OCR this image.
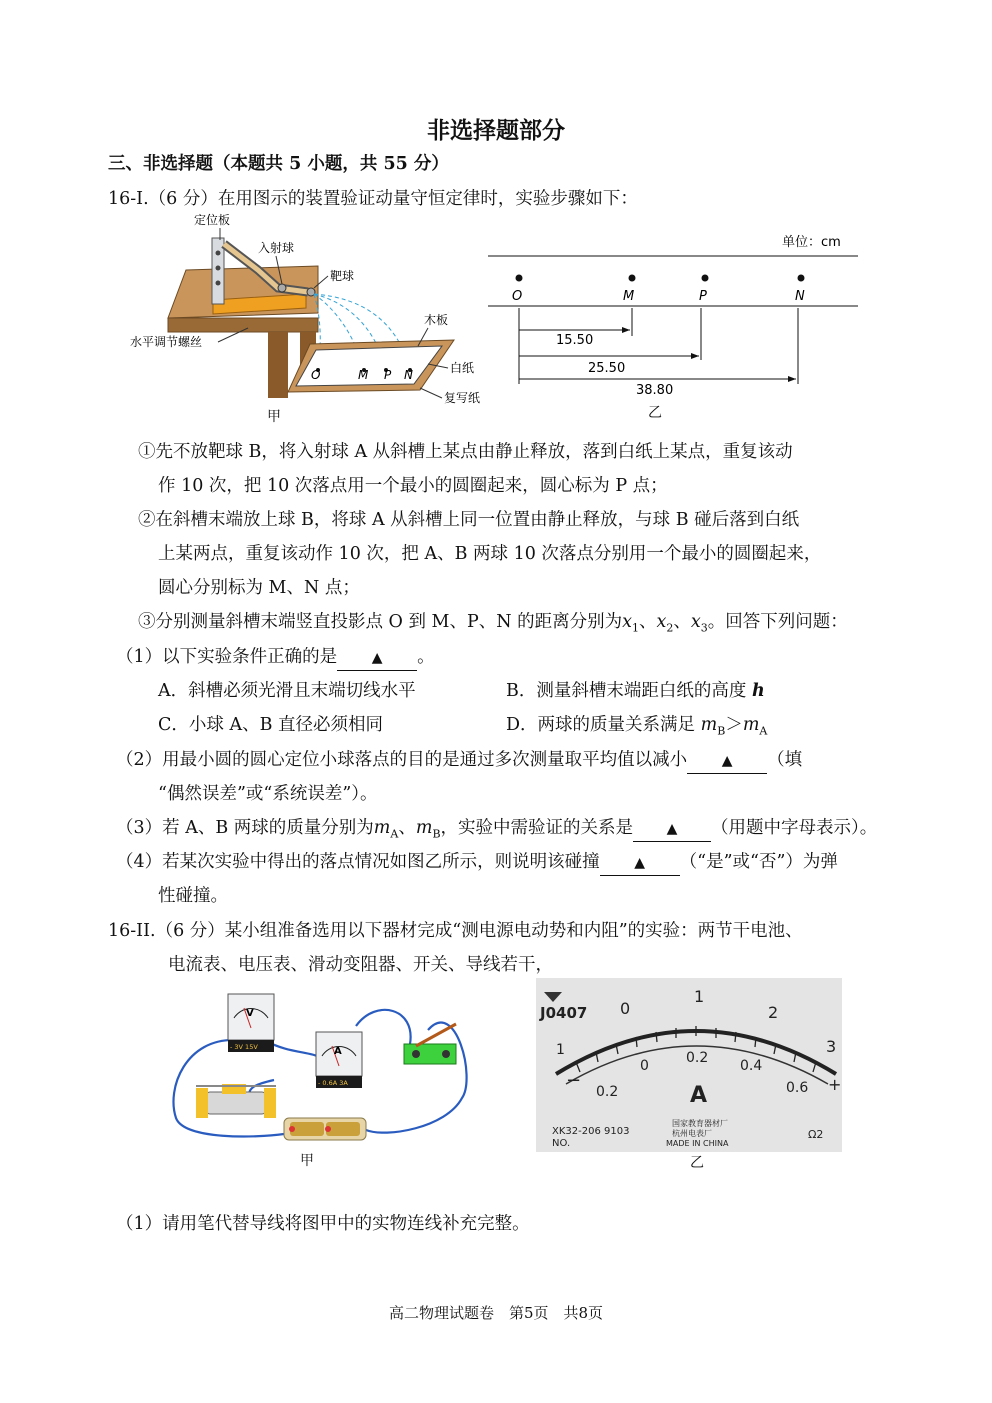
非选择题部分
三、非选择题（本题共 5 小题，共 55 分）
16-I.（6 分）在用图示的装置验证动量守恒定律时，实验步骤如下：
O	M P N
定位板
入射球
靶球
水平调节螺丝
木板
白纸
复写纸
甲
单位：cm
O	M	P	N
15.50
25.50
38.80
乙
①先不放靶球 B，将入射球 A 从斜槽上某点由静止释放，落到白纸上某点，重复该动
作 10 次，把 10 次落点用一个最小的圆圈起来，圆心标为 P 点；
②在斜槽末端放上球 B，将球 A 从斜槽上同一位置由静止释放，与球 B 碰后落到白纸
上某两点，重复该动作 10 次，把 A、B 两球 10 次落点分别用一个最小的圆圈起来，
圆心分别标为 M、N 点；
③分别测量斜槽末端竖直投影点 O 到 M、P、N 的距离分别为$x_1$、$x_2$、$x_3$。回答下列问题：
（1）以下实验条件正确的是 ▲ 。
A．斜槽必须光滑且末端切线水平	B．测量斜槽末端距白纸的高度 h
C．小球 A、B 直径必须相同	D．两球的质量关系满足 $m_B>m_A$
（2）用最小圆的圆心定位小球落点的目的是通过多次测量取平均值以减小 ▲ （填
“偶然误差”或“系统误差”）。
（3）若 A、B 两球的质量分别为$m_A$、$m_B$，实验中需验证的关系是 ▲ （用题中字母表示）。
（4）若某次实验中得出的落点情况如图乙所示，则说明该碰撞 ▲ （“是”或“否”）为弹
性碰撞。
16-II.（6 分）某小组准备选用以下器材完成“测电源电动势和内阻”的实验：两节干电池、
电流表、电压表、滑动变阻器、开关、导线若干，
V
- 3V 15V	A
- 0.6A 3A
甲
J0407 0
1
2
3
0	0.2 0.4
0.6
1
0.2
−	+
A
XK32-206 9103
NO.
国家教育器材厂
杭州电表厂
MADE IN CHINA
Ω2
乙
（1）请用笔代替导线将图甲中的实物连线补充完整。
高二物理试题卷　第5页　共8页
